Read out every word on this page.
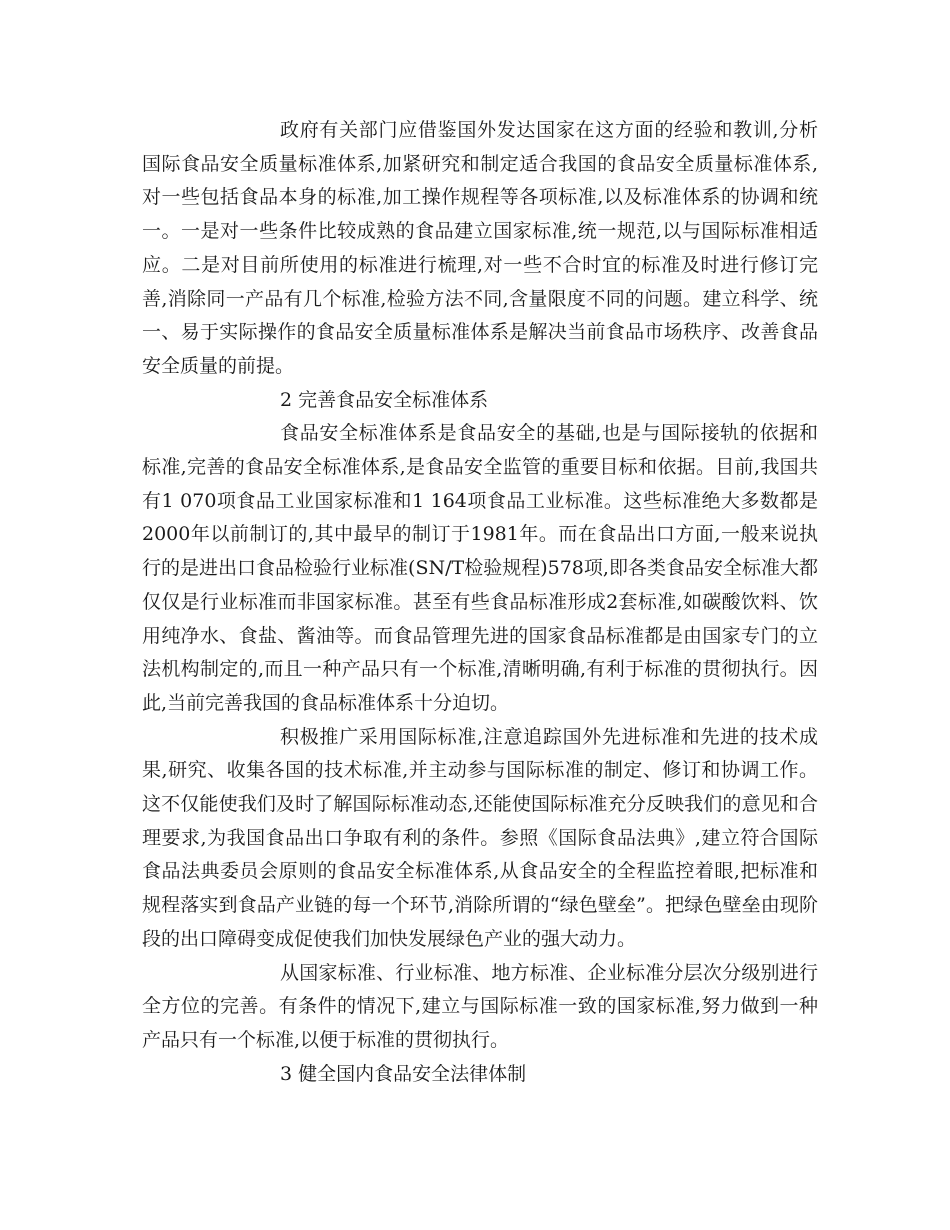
政府有关部门应借鉴国外发达国家在这方面的经验和教训,分析国际食品安全质量标准体系,加紧研究和制定适合我国的食品安全质量标准体系,对一些包括食品本身的标准,加工操作规程等各项标准,以及标准体系的协调和统一。一是对一些条件比较成熟的食品建立国家标准,统一规范,以与国际标准相适应。二是对目前所使用的标准进行梳理,对一些不合时宜的标准及时进行修订完善,消除同一产品有几个标准,检验方法不同,含量限度不同的问题。建立科学、统一、易于实际操作的食品安全质量标准体系是解决当前食品市场秩序、改善食品安全质量的前提。

2 完善食品安全标准体系

食品安全标准体系是食品安全的基础,也是与国际接轨的依据和标准,完善的食品安全标准体系,是食品安全监管的重要目标和依据。目前,我国共有1 070项食品工业国家标准和1 164项食品工业标准。这些标准绝大多数都是2000年以前制订的,其中最早的制订于1981年。而在食品出口方面,一般来说执行的是进出口食品检验行业标准(SN/T检验规程)578项,即各类食品安全标准大都仅仅是行业标准而非国家标准。甚至有些食品标准形成2套标准,如碳酸饮料、饮用纯净水、食盐、酱油等。而食品管理先进的国家食品标准都是由国家专门的立法机构制定的,而且一种产品只有一个标准,清晰明确,有利于标准的贯彻执行。因此,当前完善我国的食品标准体系十分迫切。

积极推广采用国际标准,注意追踪国外先进标准和先进的技术成果,研究、收集各国的技术标准,并主动参与国际标准的制定、修订和协调工作。这不仅能使我们及时了解国际标准动态,还能使国际标准充分反映我们的意见和合理要求,为我国食品出口争取有利的条件。参照《国际食品法典》,建立符合国际食品法典委员会原则的食品安全标准体系,从食品安全的全程监控着眼,把标准和规程落实到食品产业链的每一个环节,消除所谓的“绿色壁垒”。把绿色壁垒由现阶段的出口障碍变成促使我们加快发展绿色产业的强大动力。

从国家标准、行业标准、地方标准、企业标准分层次分级别进行全方位的完善。有条件的情况下,建立与国际标准一致的国家标准,努力做到一种产品只有一个标准,以便于标准的贯彻执行。

3 健全国内食品安全法律体制
